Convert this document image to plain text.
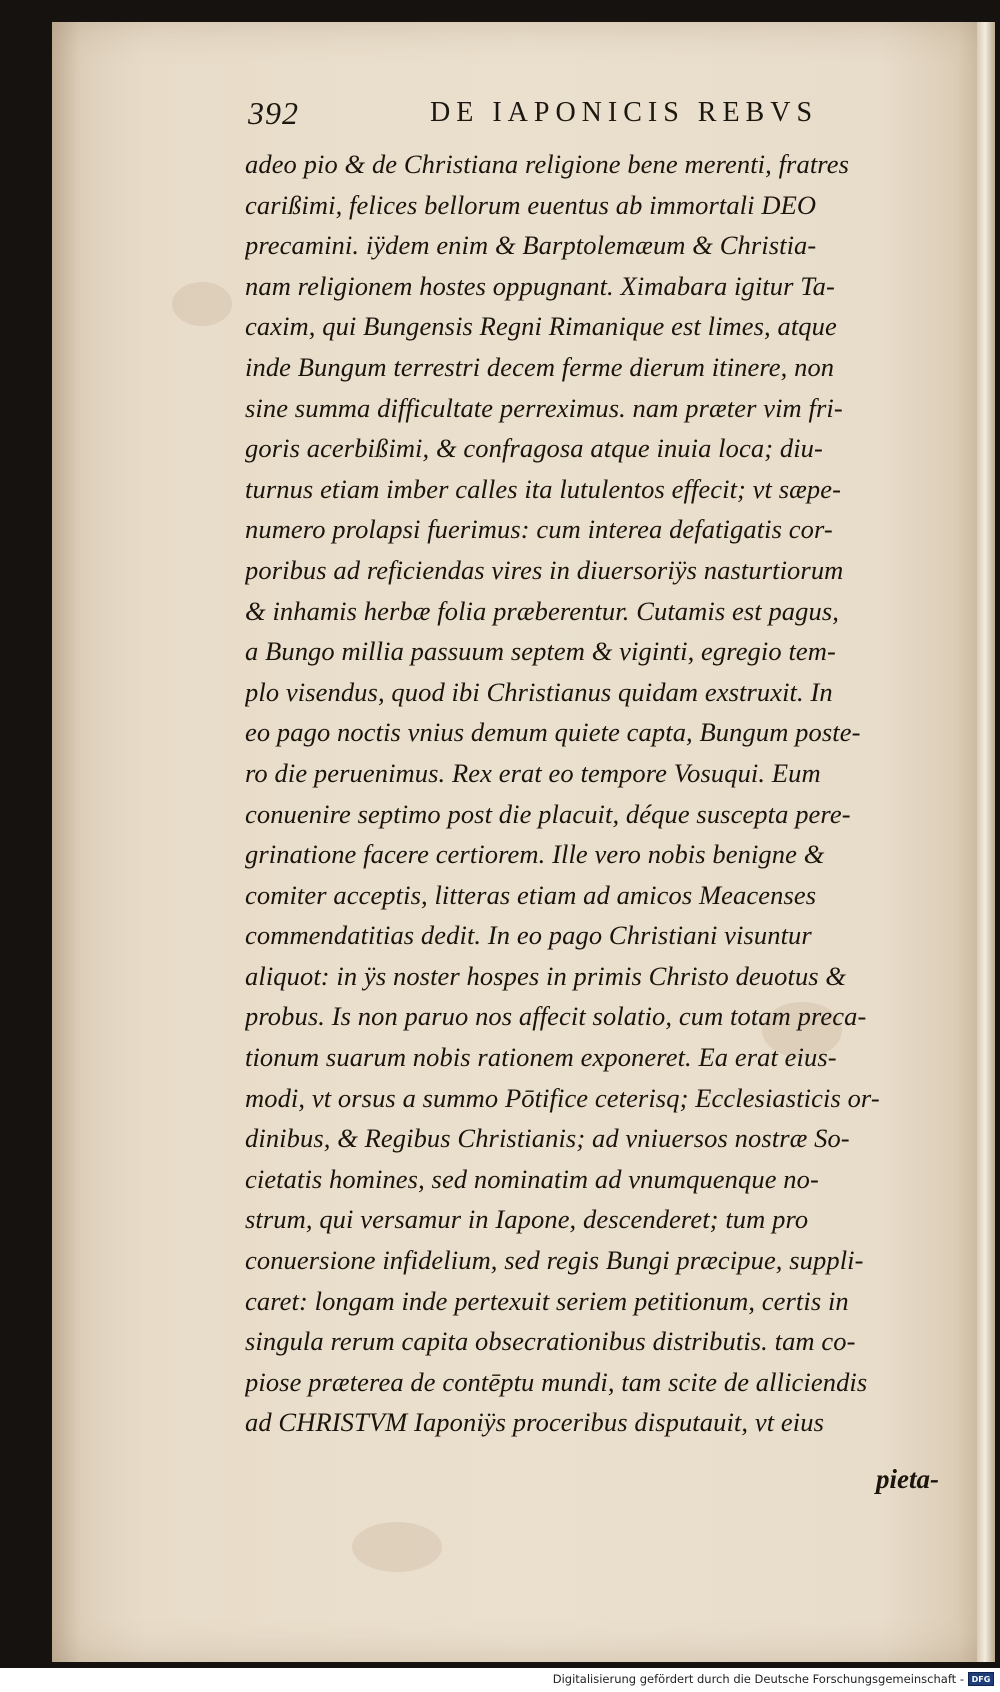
392	DE IAPONICIS REBVS
adeo pio & de Christiana religione bene merenti, fratres
carißimi, felices bellorum euentus ab immortali DEO
precamini. iÿdem enim & Barptolemæum & Christia-
nam religionem hostes oppugnant. Ximabara igitur Ta-
caxim, qui Bungensis Regni Rimanique est limes, atque
inde Bungum terrestri decem ferme dierum itinere, non
sine summa difficultate perreximus. nam præter vim fri-
goris acerbißimi, & confragosa atque inuia loca; diu-
turnus etiam imber calles ita lutulentos effecit; vt sæpe-
numero prolapsi fuerimus: cum interea defatigatis cor-
poribus ad reficiendas vires in diuersoriÿs nasturtiorum
& inhamis herbæ folia præberentur. Cutamis est pagus,
a Bungo millia passuum septem & viginti, egregio tem-
plo visendus, quod ibi Christianus quidam exstruxit. In
eo pago noctis vnius demum quiete capta, Bungum poste-
ro die peruenimus. Rex erat eo tempore Vosuqui. Eum
conuenire septimo post die placuit, déque suscepta pere-
grinatione facere certiorem. Ille vero nobis benigne &
comiter acceptis, litteras etiam ad amicos Meacenses
commendatitias dedit. In eo pago Christiani visuntur
aliquot: in ÿs noster hospes in primis Christo deuotus &
probus. Is non paruo nos affecit solatio, cum totam preca-
tionum suarum nobis rationem exponeret. Ea erat eius-
modi, vt orsus a summo Pōtifice ceterisq; Ecclesiasticis or-
dinibus, & Regibus Christianis; ad vniuersos nostræ So-
cietatis homines, sed nominatim ad vnumquenque no-
strum, qui versamur in Iapone, descenderet; tum pro
conuersione infidelium, sed regis Bungi præcipue, suppli-
caret: longam inde pertexuit seriem petitionum, certis in
singula rerum capita obsecrationibus distributis. tam co-
piose præterea de contēptu mundi, tam scite de alliciendis
ad CHRISTVM Iaponiÿs proceribus disputauit, vt eius
pieta-
Digitalisierung gefördert durch die Deutsche Forschungsgemeinschaft - DFG
